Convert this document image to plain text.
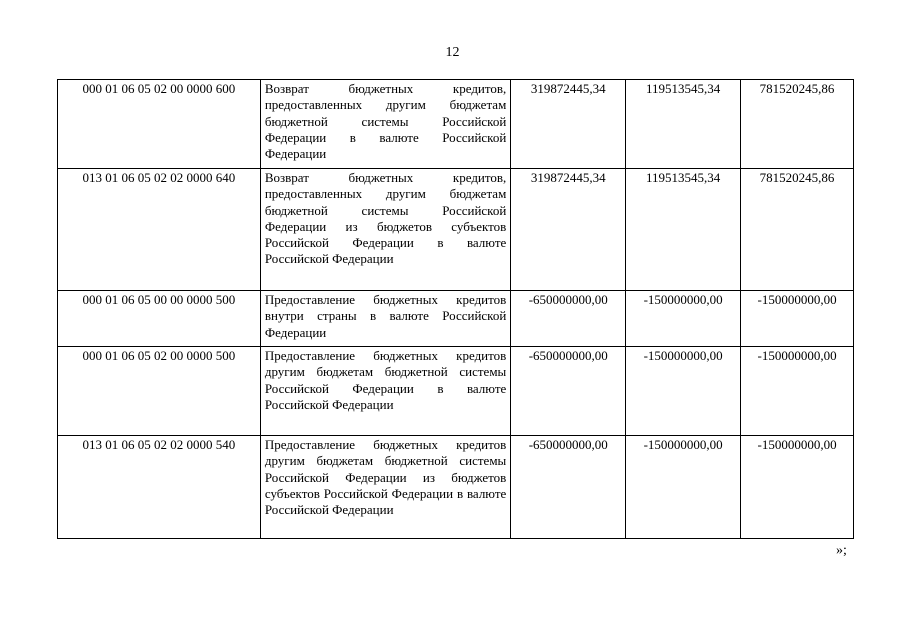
12
000 01 06 05 02 00 0000 600	Возврат бюджетных кредитов, предоставленных другим бюджетам бюджетной системы Российской Федерации в валюте Российской Федерации	319872445,34	119513545,34	781520245,86
013 01 06 05 02 02 0000 640	Возврат бюджетных кредитов, предоставленных другим бюджетам бюджетной системы Российской Федерации из бюджетов субъектов Российской Федерации в валюте Российской Федерации	319872445,34	119513545,34	781520245,86
000 01 06 05 00 00 0000 500	Предоставление бюджетных кредитов внутри страны в валюте Российской Федерации	-650000000,00	-150000000,00	-150000000,00
000 01 06 05 02 00 0000 500	Предоставление бюджетных кредитов другим бюджетам бюджетной системы Российской Федерации в валюте Российской Федерации	-650000000,00	-150000000,00	-150000000,00
013 01 06 05 02 02 0000 540	Предоставление бюджетных кредитов другим бюджетам бюджетной системы Российской Федерации из бюджетов субъектов Российской Федерации в валюте Российской Федерации	-650000000,00	-150000000,00	-150000000,00
»;
